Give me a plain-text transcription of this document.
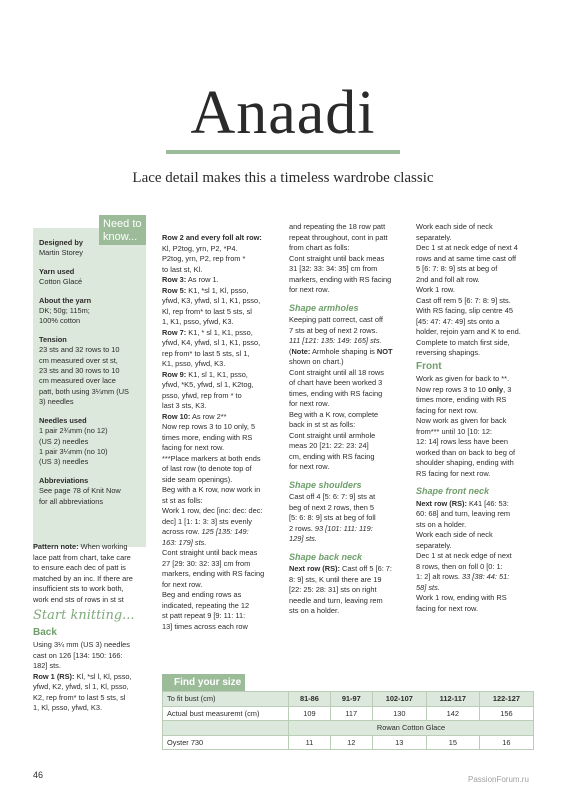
Anaadi
Lace detail makes this a timeless wardrobe classic
Need to
know...
Designed by
Martin Storey
Yarn used
Cotton Glacé
About the yarn
DK; 50g; 115m;
100% cotton
Tension
23 sts and 32 rows to 10
cm measured over st st,
23 sts and 30 rows to 10
cm measured over lace
patt, both using 3¼mm (US
3) needles
Needles used
1 pair 2¾mm (no 12)
(US 2) needles
1 pair 3¼mm (no 10)
(US 3) needles
Abbreviations
See page 78 of Knit Now
for all abbreviations
Pattern note: When working
lace patt from chart, take care
to ensure each dec of patt is
matched by an inc. If there are
insufficient sts to work both,
work end sts of rows in st st
Start knitting...
Back
Using 3¼ mm (US 3) needles
cast on 126 [134: 150: 166:
182] sts.
Row 1 (RS): Kl, *sl l, Kl, psso,
yfwd, K2, yfwd, sl 1, Kl, psso,
K2, rep from* to last 5 sts, sl
1, Kl, psso, yfwd, K3.
Row 2 and every foll alt row:
Kl, P2tog, yrn, P2, *P4.
P2tog, yrn, P2, rep from *
to last st, Kl.
Row 3: As row 1.
Row 5: K1, *sl 1, Kl, psso,
yfwd, K3, yfwd, sl 1, K1, psso,
Kl, rep from* to last 5 sts, sl
1, K1, psso, yfwd, K3.
Row 7: K1, * sl 1, K1, psso,
yfwd, K4, yfwd, sl 1, K1, psso,
rep from* to last 5 sts, sl 1,
K1, psso, yfwd, K3.
Row 9: K1, sl 1, K1, psso,
yfwd, *K5, yfwd, sl 1, K2tog,
psso, yfwd, rep from * to
last 3 sts, K3.
Row 10: As row 2**
Now rep rows 3 to 10 only, 5
times more, ending with RS
facing for next row.
***Place markers at both ends
of last row (to denote top of
side seam openings).
Beg with a K row, now work in
st st as folls:
Work 1 row, dec [inc: dec: dec:
dec] 1 [1: 1: 3: 3] sts evenly
across row. 125 [135: 149:
163: 179] sts.
Cont straight until back meas
27 [29: 30: 32: 33] cm from
markers, ending with RS facing
for next row.
Beg and ending rows as
indicated, repeating the 12
st patt repeat 9 [9: 11: 11:
13] times across each row
and repeating the 18 row patt
repeat throughout, cont in patt
from chart as folls:
Cont straight until back meas
31 [32: 33: 34: 35] cm from
markers, ending with RS facing
for next row.
Shape armholes
Keeping patt correct, cast off
7 sts at beg of next 2 rows.
111 [121: 135: 149: 165] sts.
(Note: Armhole shaping is NOT
shown on chart.)
Cont straight until all 18 rows
of chart have been worked 3
times, ending with RS facing
for next row.
Beg with a K row, complete
back in st st as folls:
Cont straight until armhole
meas 20 [21: 22: 23: 24]
cm, ending with RS facing
for next row.
Shape shoulders
Cast off 4 [5: 6: 7: 9] sts at
beg of next 2 rows, then 5
[5: 6: 8: 9] sts at beg of foll
2 rows. 93 [101: 111: 119:
129] sts.
Shape back neck
Next row (RS): Cast off 5 [6: 7:
8: 9] sts, K until there are 19
[22: 25: 28: 31] sts on right
needle and turn, leaving rem
sts on a holder.
Work each side of neck
separately.
Dec 1 st at neck edge of next 4
rows and at same time cast off
5 [6: 7: 8: 9] sts at beg of
2nd and foll alt row.
Work 1 row.
Cast off rem 5 [6: 7: 8: 9] sts.
With RS facing, slip centre 45
[45: 47: 47: 49] sts onto a
holder, rejoin yarn and K to end.
Complete to match first side,
reversing shapings.
Front
Work as given for back to **.
Now rep rows 3 to 10 only, 3
times more, ending with RS
facing for next row.
Now work as given for back
from*** until 10 [10: 12:
12: 14] rows less have been
worked than on back to beg of
shoulder shaping, ending with
RS facing for next row.
Shape front neck
Next row (RS): K41 [46: 53:
60: 68] and turn, leaving rem
sts on a holder.
Work each side of neck
separately.
Dec 1 st at neck edge of next
8 rows, then on foll 0 [0: 1:
1: 2] alt rows. 33 [38: 44: 51:
58] sts.
Work 1 row, ending with RS
facing for next row.
Find your size
To fit bust (cm)	81-86	91-97	102-107	112-117	122-127
Actual bust measuremt (cm)	109	117	130	142	156
	Rowan Cotton Glace				
Oyster 730	11	12	13	15	16
46	PassionForum.ru
